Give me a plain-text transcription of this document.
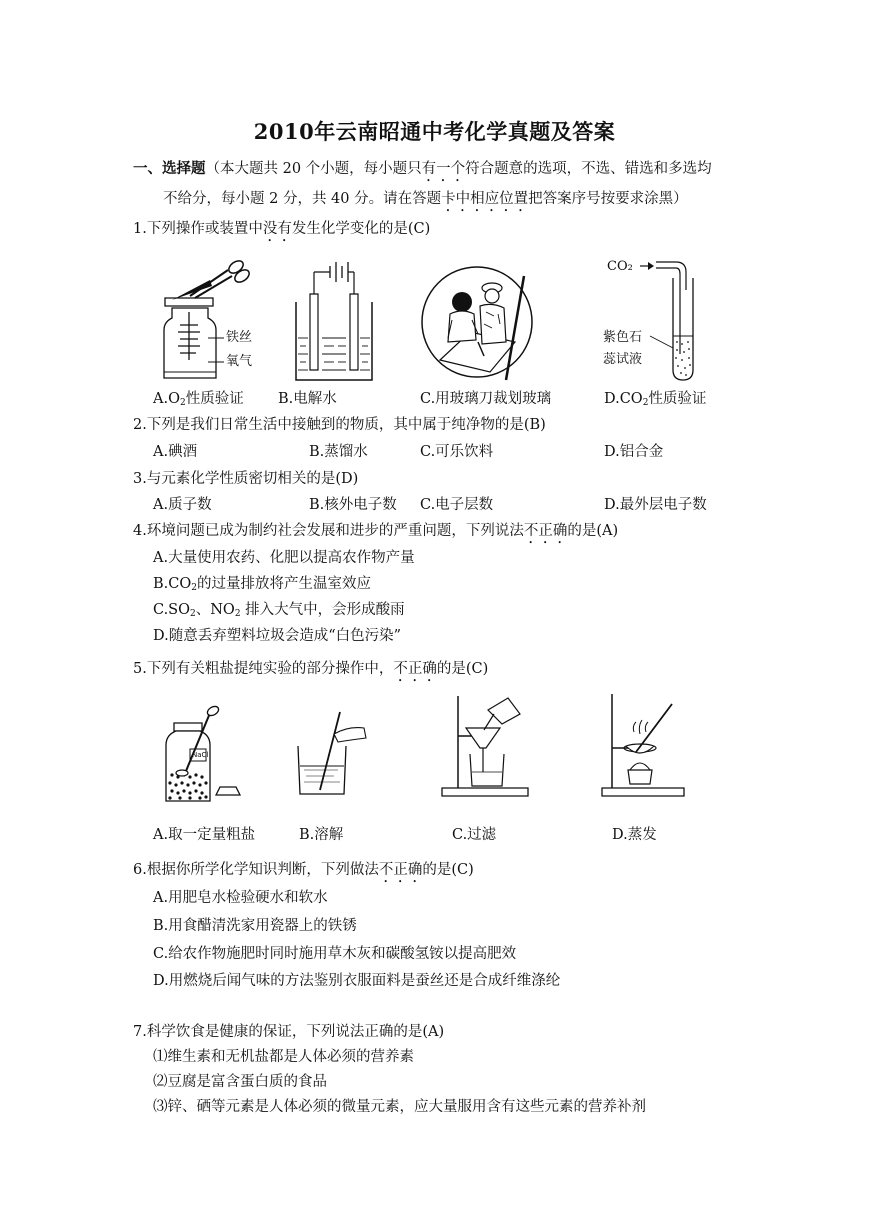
2010年云南昭通中考化学真题及答案
一、选择题（本大题共 20 个小题，每小题只有一个符合题意的选项，不选、错选和多选均
不给分，每小题 2 分，共 40 分。请在答题卡中相应位置把答案序号按要求涂黑）
1.下列操作或装置中没有发生化学变化的是(C)
铁丝
氧气
CO₂
紫色石
蕊试液
$A.O_2$性质验证 B.电解水	C.用玻璃刀裁划玻璃	$D.CO_2$性质验证
2.下列是我们日常生活中接触到的物质，其中属于纯净物的是(B)
A.碘酒	B.蒸馏水	C.可乐饮料	D.铝合金
3.与元素化学性质密切相关的是(D)
A.质子数	B.核外电子数 C.电子层数	D.最外层电子数
4.环境问题已成为制约社会发展和进步的严重问题，下列说法不正确的是(A)
A.大量使用农药、化肥以提高农作物产量
$B.CO_2$的过量排放将产生温室效应
$C.SO_2$、$NO_2$ 排入大气中，会形成酸雨
D.随意丢弃塑料垃圾会造成“白色污染”
5.下列有关粗盐提纯实验的部分操作中，不正确的是(C)
NaCl
A.取一定量粗盐	B.溶解	C.过滤	D.蒸发
6.根据你所学化学知识判断，下列做法不正确的是(C)
A.用肥皂水检验硬水和软水
B.用食醋清洗家用瓷器上的铁锈
C.给农作物施肥时同时施用草木灰和碳酸氢铵以提高肥效
D.用燃烧后闻气味的方法鉴别衣服面料是蚕丝还是合成纤维涤纶
7.科学饮食是健康的保证，下列说法正确的是(A)
⑴维生素和无机盐都是人体必须的营养素
⑵豆腐是富含蛋白质的食品
⑶锌、硒等元素是人体必须的微量元素，应大量服用含有这些元素的营养补剂
